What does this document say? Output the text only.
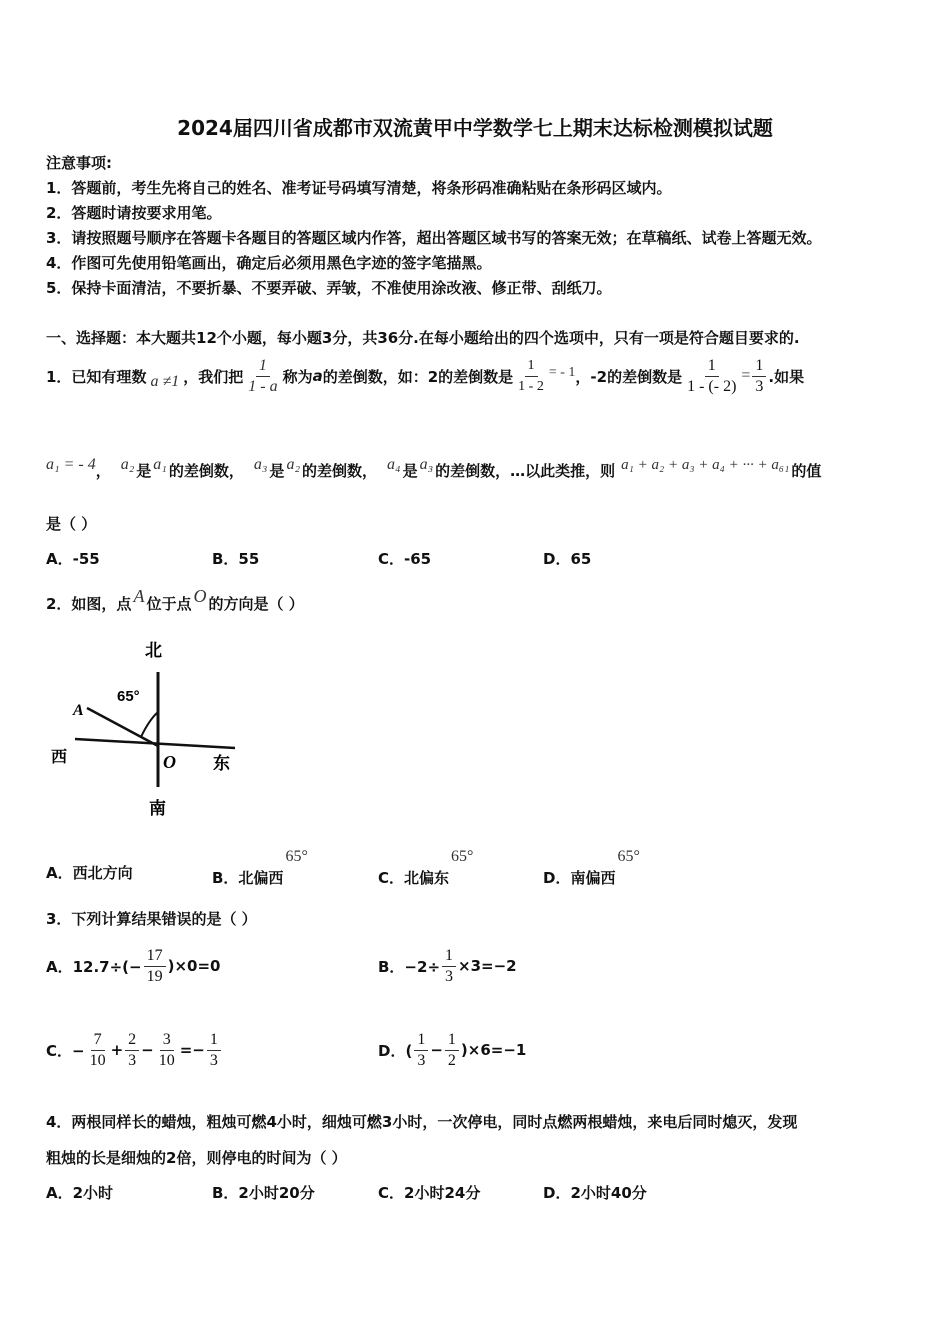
2024届四川省成都市双流黄甲中学数学七上期末达标检测模拟试题
注意事项:
1．答题前，考生先将自己的姓名、准考证号码填写清楚，将条形码准确粘贴在条形码区域内。
2．答题时请按要求用笔。
3．请按照题号顺序在答题卡各题目的答题区域内作答，超出答题区域书写的答案无效；在草稿纸、试卷上答题无效。
4．作图可先使用铅笔画出，确定后必须用黑色字迹的签字笔描黑。
5．保持卡面清洁，不要折暴、不要弄破、弄皱，不准使用涂改液、修正带、刮纸刀。
一、选择题：本大题共12个小题，每小题3分，共36分.在每小题给出的四个选项中，只有一项是符合题目要求的.
1．已知有理数 a ≠1 ，我们把 $\frac{1}{1 - a}$ 称为 a 的差倒数，如：2的差倒数是 $\frac{1}{1 - 2}$ = - 1 ，-2的差倒数是 $\frac{1}{1 - (- 2)} = \frac{1}{3}$ .如果
a₁ = - 4 ， a₂ 是 a₁ 的差倒数， a₃ 是 a₂ 的差倒数， a₄ 是 a₃ 的差倒数，…以此类推，则 a₁ + a₂ + a₃ + a₄ + ··· + a₆₁ 的值
是（ ）
A．-55	B．55	C．-65	D．65
2．如图，点 A 位于点 O 的方向是（ ）
北
南
西	东
65°
A
O
A．西北方向	B．北偏西
65°
C．北偏东
65°
D．南偏西
65°
3．下列计算结果错误的是（ ）
A．$12.7\div(- \frac{17}{19} )\times 0=0$	B．$-2\div \frac{1}{3} \times 3=-2$
C．− $\frac{7}{10} + \frac{2}{3} - \frac{3}{10} =- \frac{1}{3}$	D．( $\frac{1}{3} - \frac{1}{2} )\times 6=-1$
4．两根同样长的蜡烛，粗烛可燃4小时，细烛可燃3小时，一次停电，同时点燃两根蜡烛，来电后同时熄灭，发现
粗烛的长是细烛的2倍，则停电的时间为（ ）
A．2小时	B．2小时20分	C．2小时24分	D．2小时40分
